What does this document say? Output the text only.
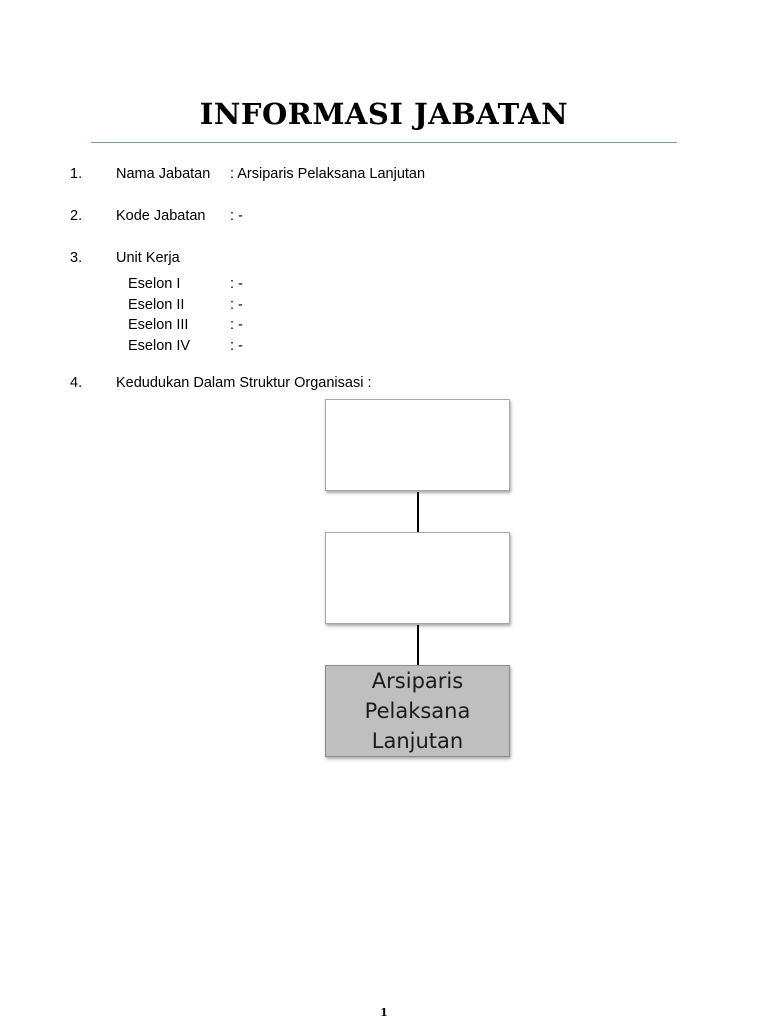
INFORMASI JABATAN
1. Nama Jabatan : Arsiparis Pelaksana Lanjutan
2. Kode Jabatan : -
3. Unit Kerja
Eselon I	: -
Eselon II	: -
Eselon III	: -
Eselon IV	: -
4. Kedudukan Dalam Struktur Organisasi :
Arsiparis Pelaksana Lanjutan
1
